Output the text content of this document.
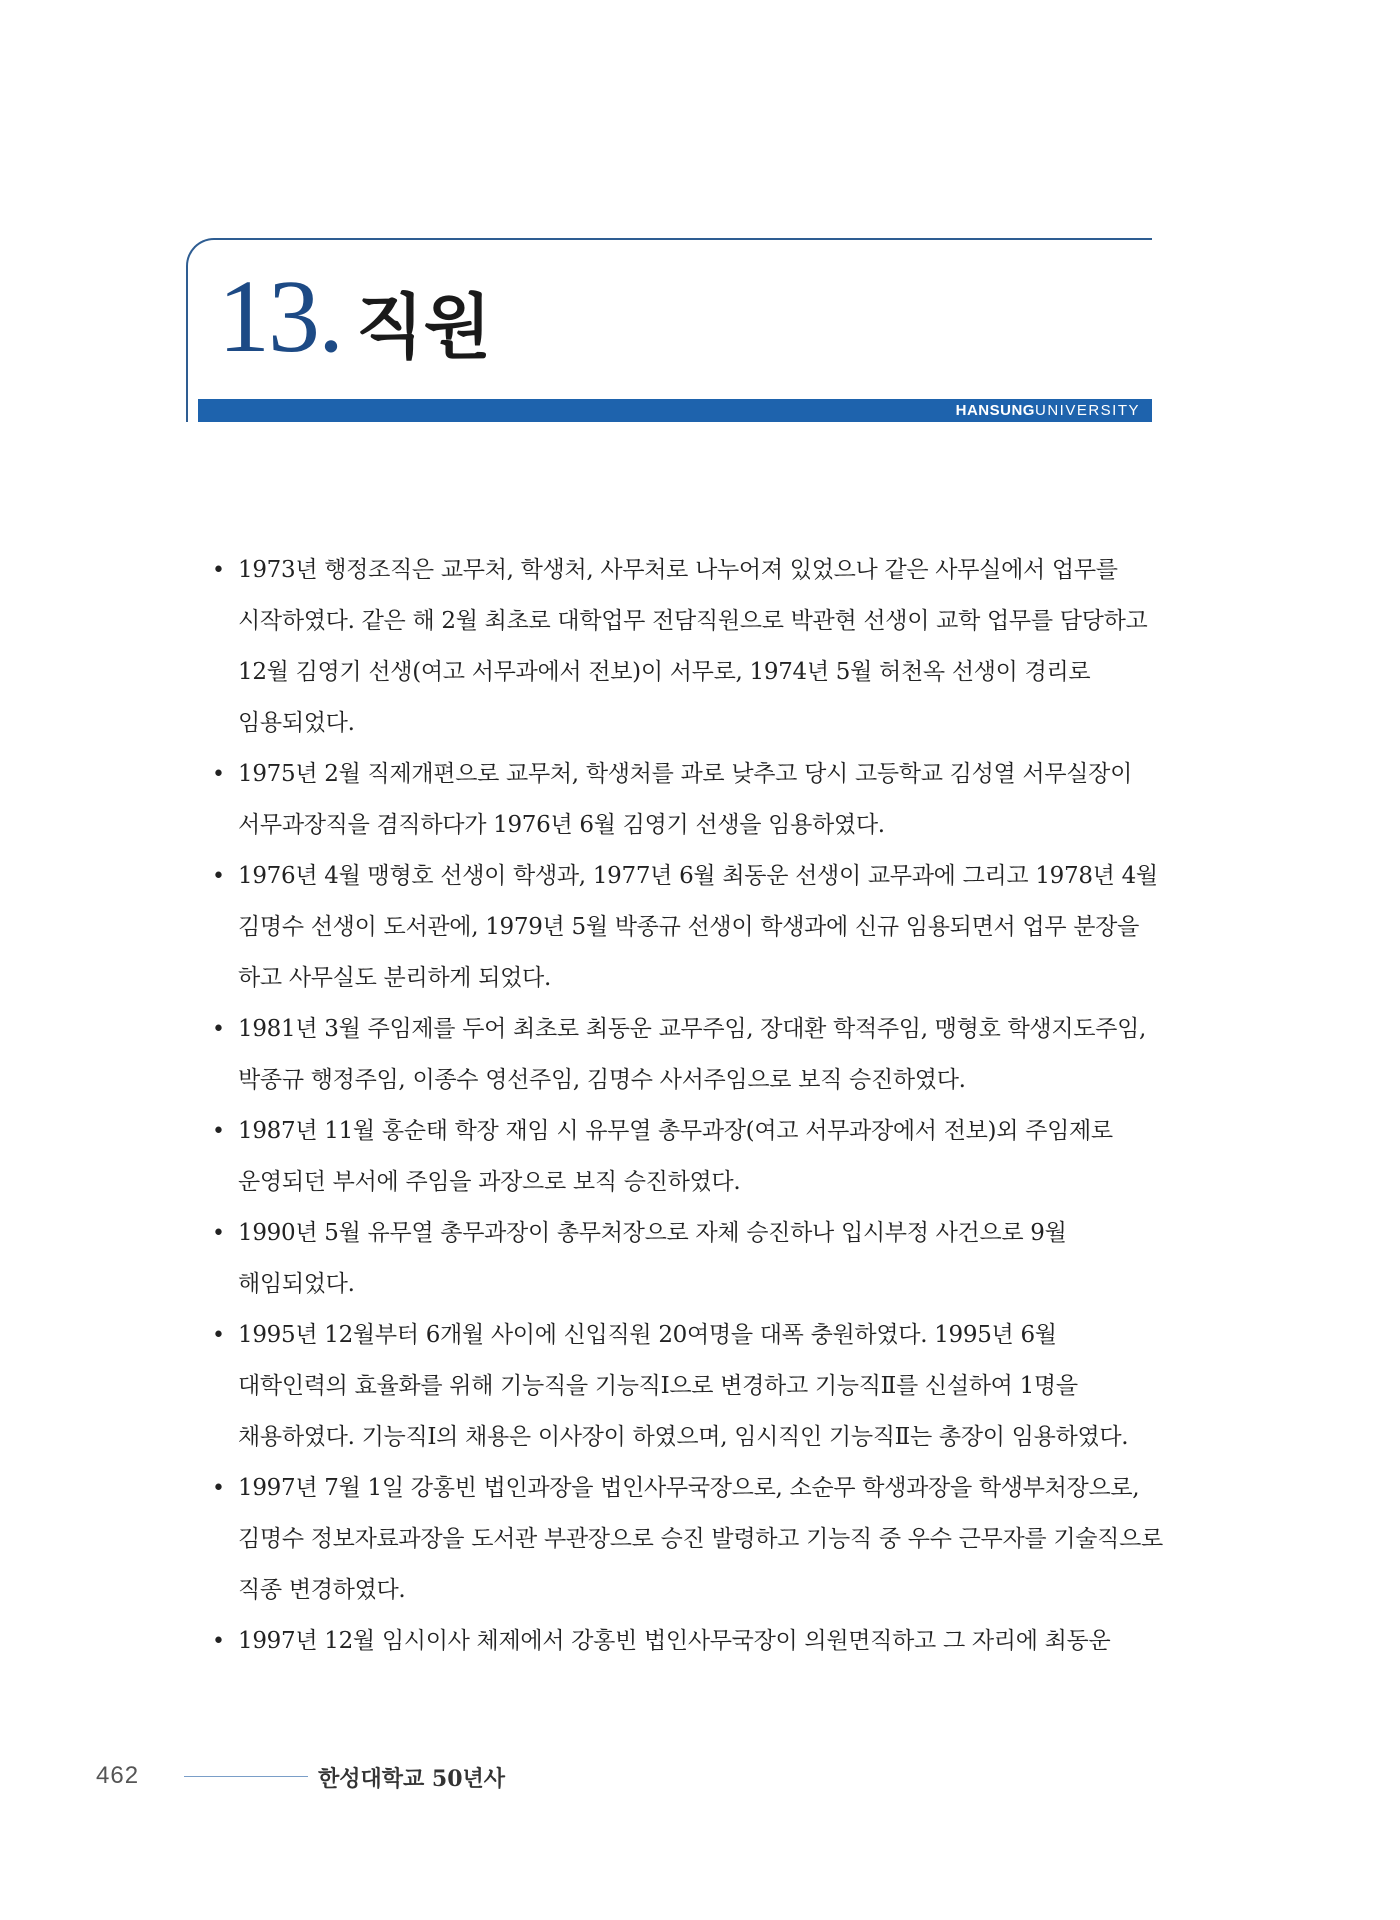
13. 직원
HANSUNG UNIVERSITY
• 1973년 행정조직은 교무처, 학생처, 사무처로 나누어져 있었으나 같은 사무실에서 업무를 시작하였다. 같은 해 2월 최초로 대학업무 전담직원으로 박관현 선생이 교학 업무를 담당하고 12월 김영기 선생(여고 서무과에서 전보)이 서무로, 1974년 5월 허천옥 선생이 경리로 임용되었다.
• 1975년 2월 직제개편으로 교무처, 학생처를 과로 낮추고 당시 고등학교 김성열 서무실장이 서무과장직을 겸직하다가 1976년 6월 김영기 선생을 임용하였다.
• 1976년 4월 맹형호 선생이 학생과, 1977년 6월 최동운 선생이 교무과에 그리고 1978년 4월 김명수 선생이 도서관에, 1979년 5월 박종규 선생이 학생과에 신규 임용되면서 업무 분장을 하고 사무실도 분리하게 되었다.
• 1981년 3월 주임제를 두어 최초로 최동운 교무주임, 장대환 학적주임, 맹형호 학생지도주임, 박종규 행정주임, 이종수 영선주임, 김명수 사서주임으로 보직 승진하였다.
• 1987년 11월 홍순태 학장 재임 시 유무열 총무과장(여고 서무과장에서 전보)외 주임제로 운영되던 부서에 주임을 과장으로 보직 승진하였다.
• 1990년 5월 유무열 총무과장이 총무처장으로 자체 승진하나 입시부정 사건으로 9월 해임되었다.
• 1995년 12월부터 6개월 사이에 신입직원 20여명을 대폭 충원하였다. 1995년 6월 대학인력의 효율화를 위해 기능직을 기능직Ⅰ으로 변경하고 기능직Ⅱ를 신설하여 1명을 채용하였다. 기능직Ⅰ의 채용은 이사장이 하였으며, 임시직인 기능직Ⅱ는 총장이 임용하였다.
• 1997년 7월 1일 강홍빈 법인과장을 법인사무국장으로, 소순무 학생과장을 학생부처장으로, 김명수 정보자료과장을 도서관 부관장으로 승진 발령하고 기능직 중 우수 근무자를 기술직으로 직종 변경하였다.
• 1997년 12월 임시이사 체제에서 강홍빈 법인사무국장이 의원면직하고 그 자리에 최동운
462	한성대학교 50년사
